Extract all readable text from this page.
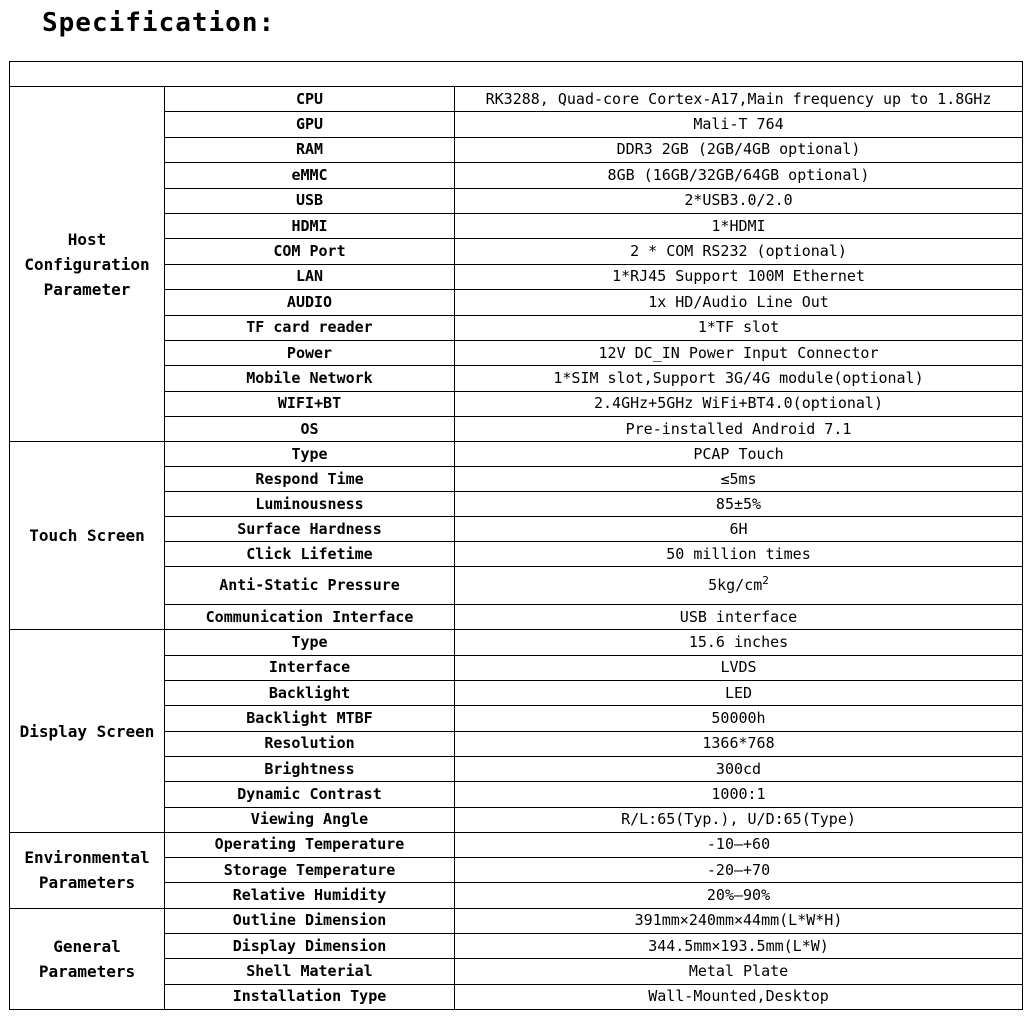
Specification:

Host Configuration Parameter	CPU	RK3288, Quad-core Cortex-A17,Main frequency up to 1.8GHz
	GPU	Mali-T 764
	RAM	DDR3 2GB (2GB/4GB optional)
	eMMC	8GB (16GB/32GB/64GB optional)
	USB	2*USB3.0/2.0
	HDMI	1*HDMI
	COM Port	2 * COM RS232 (optional)
	LAN	1*RJ45 Support 100M Ethernet
	AUDIO	1x HD/Audio Line Out
	TF card reader	1*TF slot
	Power	12V DC_IN Power Input Connector
	Mobile Network	1*SIM slot,Support 3G/4G module(optional)
	WIFI+BT	2.4GHz+5GHz WiFi+BT4.0(optional)
	OS	Pre-installed Android 7.1
Touch Screen	Type	PCAP Touch
	Respond Time	≤5ms
	Luminousness	85±5%
	Surface Hardness	6H
	Click Lifetime	50 million times
	Anti-Static Pressure	$5kg/cm^2$
	Communication Interface	USB interface
Display Screen	Type	15.6 inches
	Interface	LVDS
	Backlight	LED
	Backlight MTBF	50000h
	Resolution	1366*768
	Brightness	300cd
	Dynamic Contrast	1000:1
	Viewing Angle	R/L:65(Typ.), U/D:65(Type)
Environmental Parameters	Operating Temperature	-10—+60
	Storage Temperature	-20—+70
	Relative Humidity	20%—90%
General Parameters	Outline Dimension	391mm×240mm×44mm(L*W*H)
	Display Dimension	344.5mm×193.5mm(L*W)
	Shell Material	Metal Plate
	Installation Type	Wall-Mounted,Desktop
